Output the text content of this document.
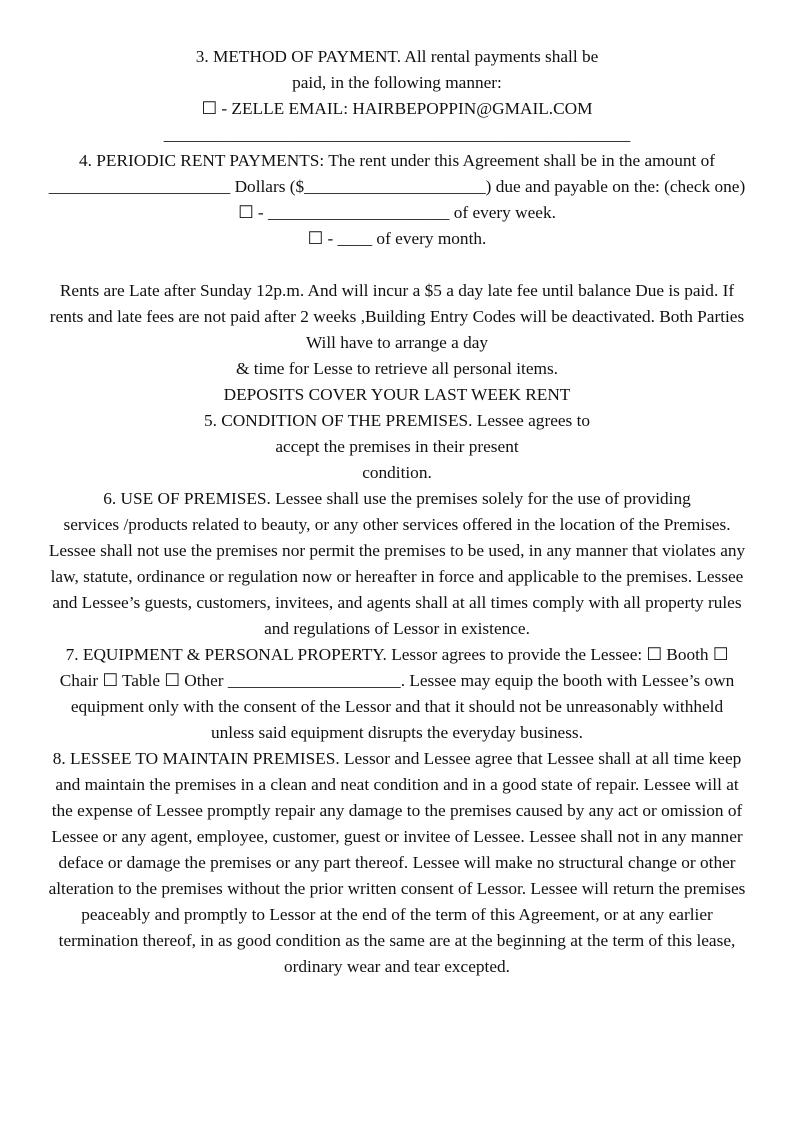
3. METHOD OF PAYMENT. All rental payments shall be
paid, in the following manner:
☐ - ZELLE EMAIL: HAIRBEPOPPIN@GMAIL.COM
______________________________________________________
4. PERIODIC RENT PAYMENTS: The rent under this Agreement shall be in the amount of
_____________________ Dollars ($_____________________) due and payable on the: (check one)
☐ - _____________________ of every week.
☐ - ____ of every month.
Rents are Late after Sunday 12p.m. And will incur a $5 a day late fee until balance Due is paid. If
rents and late fees are not paid after 2 weeks ,Building Entry Codes will be deactivated. Both Parties
Will have to arrange a day
& time for Lesse to retrieve all personal items.
DEPOSITS COVER YOUR LAST WEEK RENT
5. CONDITION OF THE PREMISES. Lessee agrees to
accept the premises in their present
condition.
6. USE OF PREMISES. Lessee shall use the premises solely for the use of providing
services /products related to beauty, or any other services offered in the location of the Premises.
Lessee shall not use the premises nor permit the premises to be used, in any manner that violates any
law, statute, ordinance or regulation now or hereafter in force and applicable to the premises. Lessee
and Lessee’s guests, customers, invitees, and agents shall at all times comply with all property rules
and regulations of Lessor in existence.
7. EQUIPMENT & PERSONAL PROPERTY. Lessor agrees to provide the Lessee: ☐ Booth ☐
Chair ☐ Table ☐ Other ____________________. Lessee may equip the booth with Lessee’s own
equipment only with the consent of the Lessor and that it should not be unreasonably withheld
unless said equipment disrupts the everyday business.
8. LESSEE TO MAINTAIN PREMISES. Lessor and Lessee agree that Lessee shall at all time keep
and maintain the premises in a clean and neat condition and in a good state of repair. Lessee will at
the expense of Lessee promptly repair any damage to the premises caused by any act or omission of
Lessee or any agent, employee, customer, guest or invitee of Lessee. Lessee shall not in any manner
deface or damage the premises or any part thereof. Lessee will make no structural change or other
alteration to the premises without the prior written consent of Lessor. Lessee will return the premises
peaceably and promptly to Lessor at the end of the term of this Agreement, or at any earlier
termination thereof, in as good condition as the same are at the beginning at the term of this lease,
ordinary wear and tear excepted.
